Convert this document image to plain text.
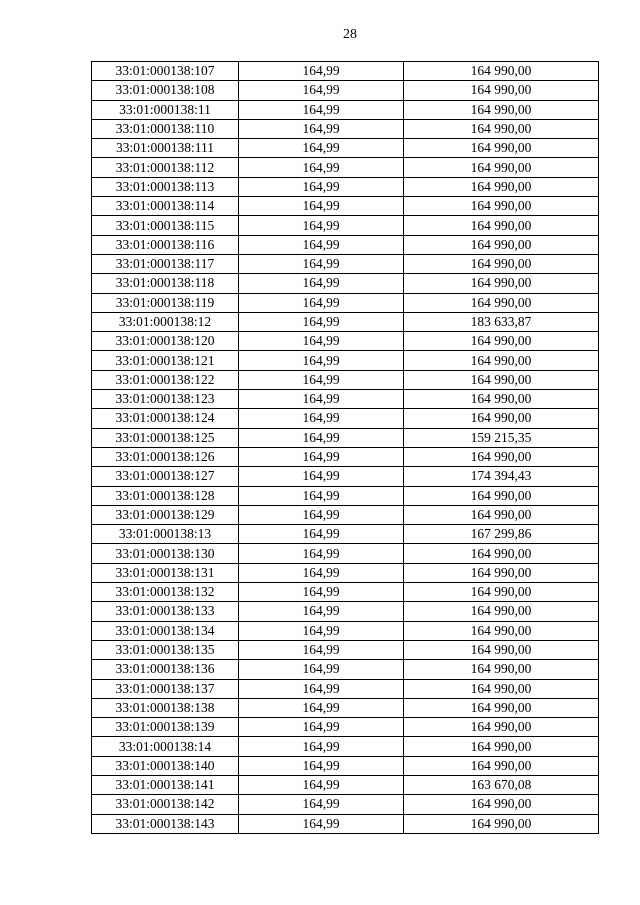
28
33:01:000138:107	164,99	164 990,00
33:01:000138:108	164,99	164 990,00
33:01:000138:11	164,99	164 990,00
33:01:000138:110	164,99	164 990,00
33:01:000138:111	164,99	164 990,00
33:01:000138:112	164,99	164 990,00
33:01:000138:113	164,99	164 990,00
33:01:000138:114	164,99	164 990,00
33:01:000138:115	164,99	164 990,00
33:01:000138:116	164,99	164 990,00
33:01:000138:117	164,99	164 990,00
33:01:000138:118	164,99	164 990,00
33:01:000138:119	164,99	164 990,00
33:01:000138:12	164,99	183 633,87
33:01:000138:120	164,99	164 990,00
33:01:000138:121	164,99	164 990,00
33:01:000138:122	164,99	164 990,00
33:01:000138:123	164,99	164 990,00
33:01:000138:124	164,99	164 990,00
33:01:000138:125	164,99	159 215,35
33:01:000138:126	164,99	164 990,00
33:01:000138:127	164,99	174 394,43
33:01:000138:128	164,99	164 990,00
33:01:000138:129	164,99	164 990,00
33:01:000138:13	164,99	167 299,86
33:01:000138:130	164,99	164 990,00
33:01:000138:131	164,99	164 990,00
33:01:000138:132	164,99	164 990,00
33:01:000138:133	164,99	164 990,00
33:01:000138:134	164,99	164 990,00
33:01:000138:135	164,99	164 990,00
33:01:000138:136	164,99	164 990,00
33:01:000138:137	164,99	164 990,00
33:01:000138:138	164,99	164 990,00
33:01:000138:139	164,99	164 990,00
33:01:000138:14	164,99	164 990,00
33:01:000138:140	164,99	164 990,00
33:01:000138:141	164,99	163 670,08
33:01:000138:142	164,99	164 990,00
33:01:000138:143	164,99	164 990,00
